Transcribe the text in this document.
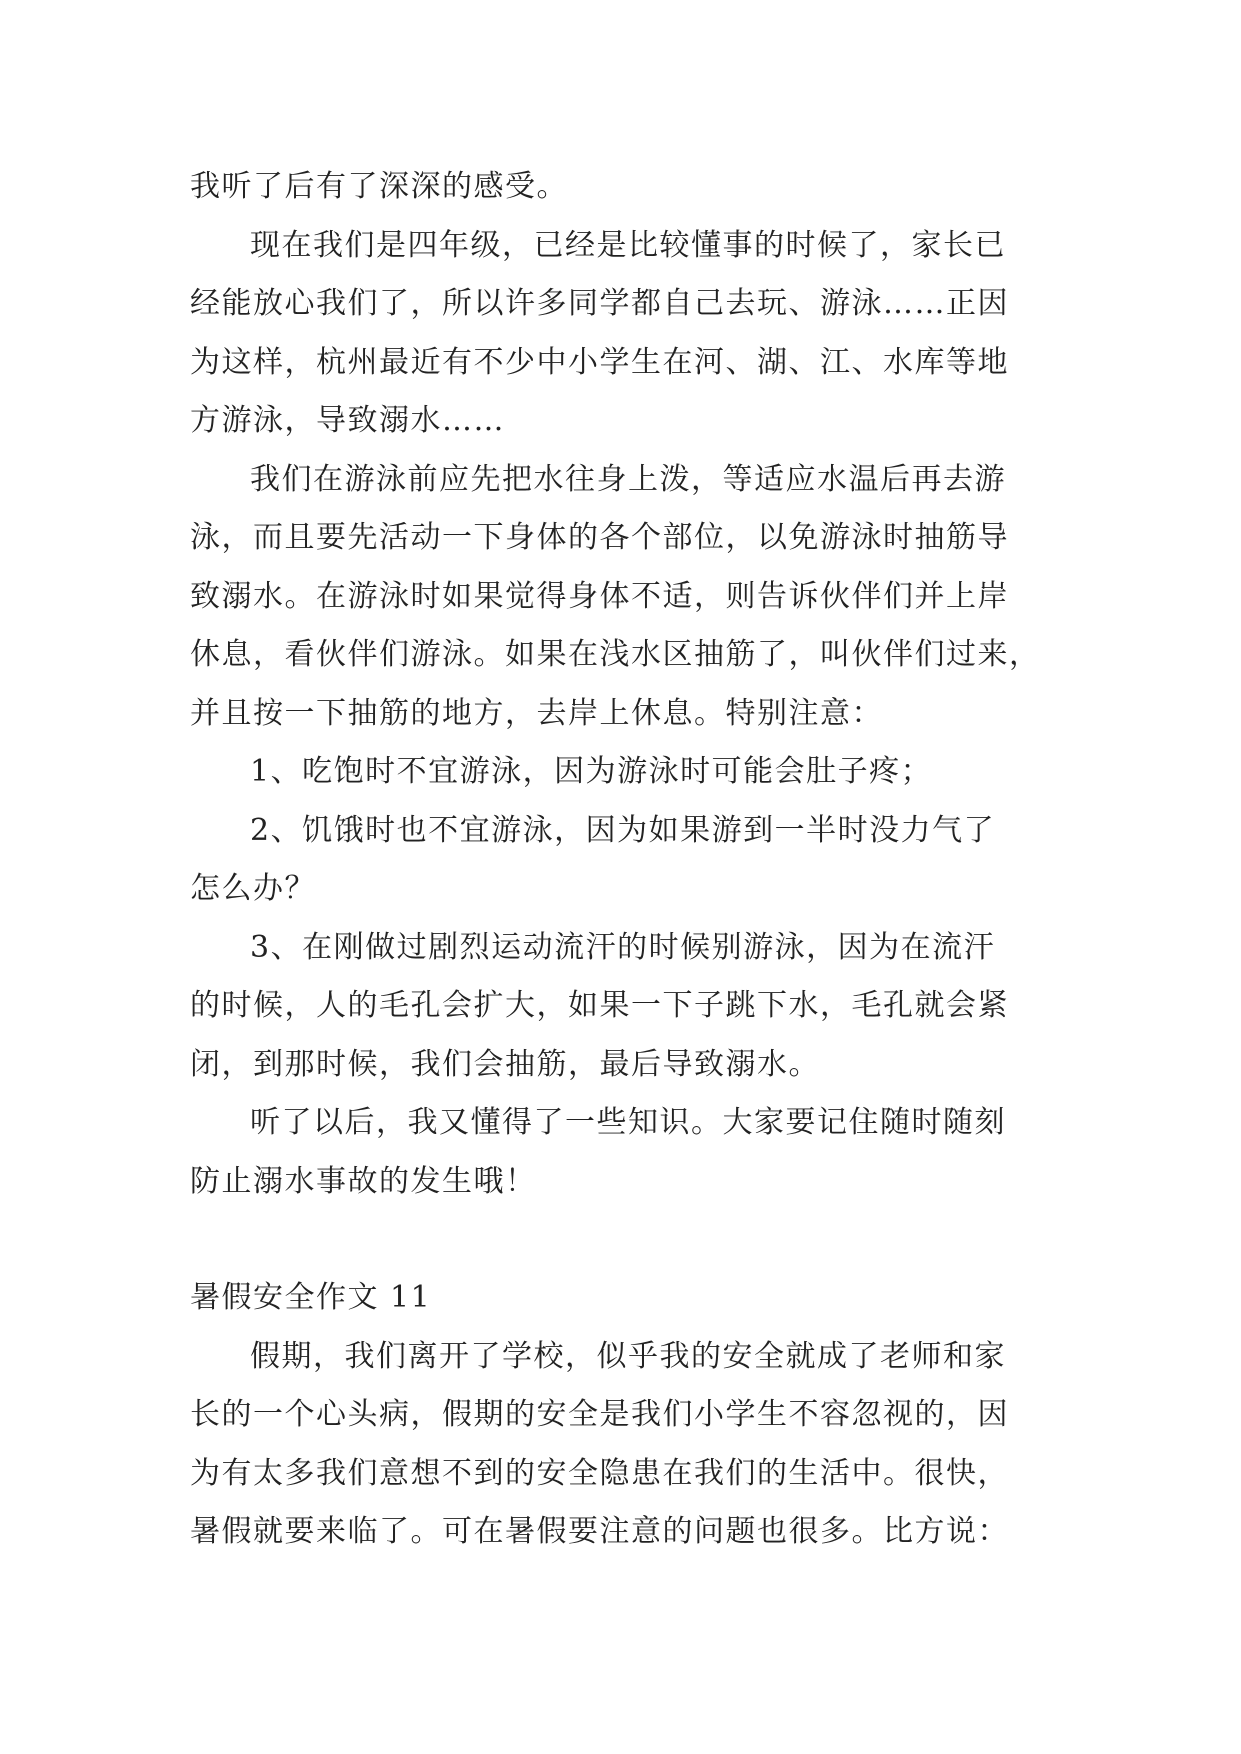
我听了后有了深深的感受。

现在我们是四年级，已经是比较懂事的时候了，家长已
经能放心我们了，所以许多同学都自己去玩、游泳……正因
为这样，杭州最近有不少中小学生在河、湖、江、水库等地
方游泳，导致溺水……

我们在游泳前应先把水往身上泼，等适应水温后再去游
泳，而且要先活动一下身体的各个部位，以免游泳时抽筋导
致溺水。在游泳时如果觉得身体不适，则告诉伙伴们并上岸
休息，看伙伴们游泳。如果在浅水区抽筋了，叫伙伴们过来，
并且按一下抽筋的地方，去岸上休息。特别注意：

1、吃饱时不宜游泳，因为游泳时可能会肚子疼；

2、饥饿时也不宜游泳，因为如果游到一半时没力气了
怎么办？

3、在刚做过剧烈运动流汗的时候别游泳，因为在流汗
的时候，人的毛孔会扩大，如果一下子跳下水，毛孔就会紧
闭，到那时候，我们会抽筋，最后导致溺水。

听了以后，我又懂得了一些知识。大家要记住随时随刻
防止溺水事故的发生哦！

暑假安全作文 11

假期，我们离开了学校，似乎我的安全就成了老师和家
长的一个心头病，假期的安全是我们小学生不容忽视的，因
为有太多我们意想不到的安全隐患在我们的生活中。很快，
暑假就要来临了。可在暑假要注意的问题也很多。比方说：
